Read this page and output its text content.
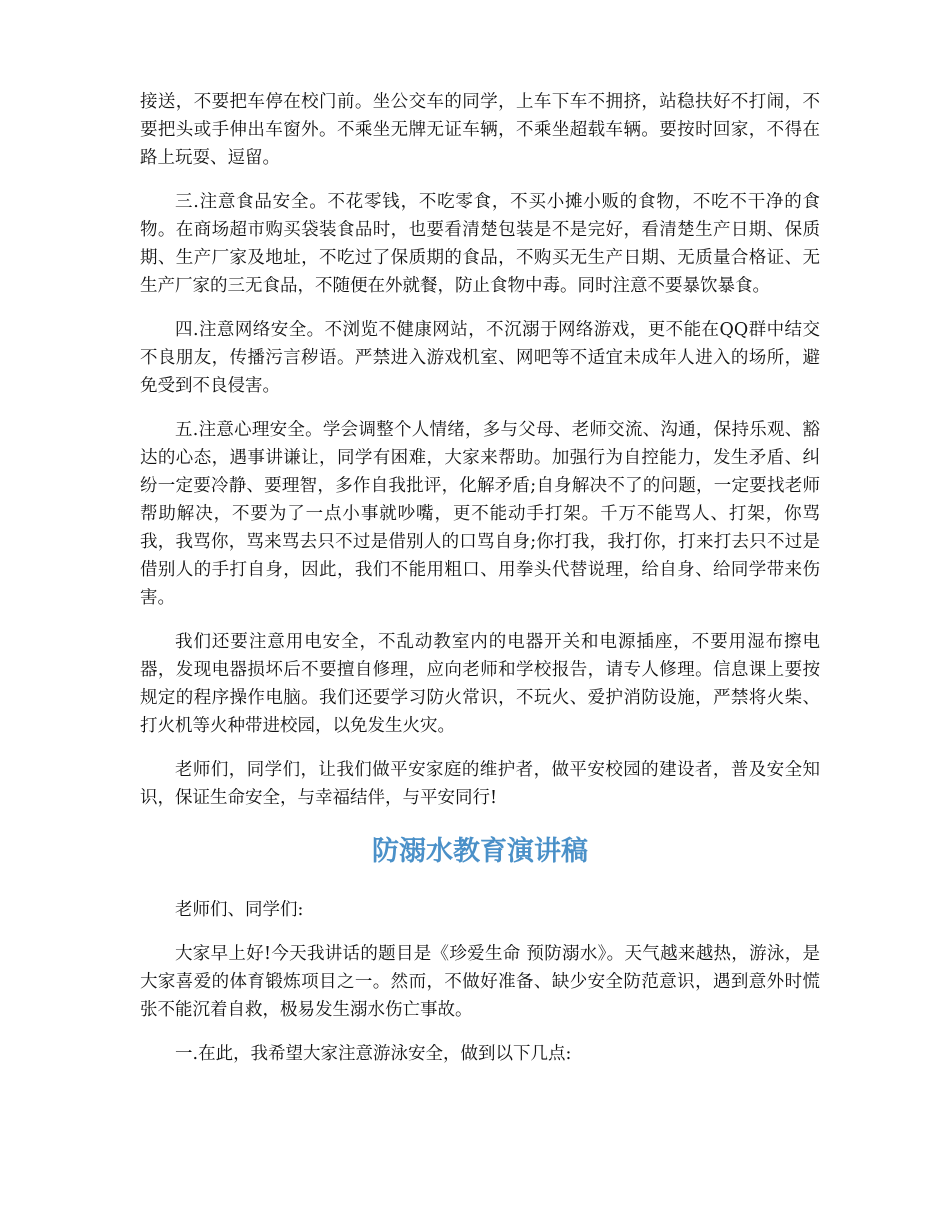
接送，不要把车停在校门前。坐公交车的同学，上车下车不拥挤，站稳扶好不打闹，不要把头或手伸出车窗外。不乘坐无牌无证车辆，不乘坐超载车辆。要按时回家，不得在路上玩耍、逗留。

三.注意食品安全。不花零钱，不吃零食，不买小摊小贩的食物，不吃不干净的食物。在商场超市购买袋装食品时，也要看清楚包装是不是完好，看清楚生产日期、保质期、生产厂家及地址，不吃过了保质期的食品，不购买无生产日期、无质量合格证、无生产厂家的三无食品，不随便在外就餐，防止食物中毒。同时注意不要暴饮暴食。

四.注意网络安全。不浏览不健康网站，不沉溺于网络游戏，更不能在QQ群中结交不良朋友，传播污言秽语。严禁进入游戏机室、网吧等不适宜未成年人进入的场所，避免受到不良侵害。

五.注意心理安全。学会调整个人情绪，多与父母、老师交流、沟通，保持乐观、豁达的心态，遇事讲谦让，同学有困难，大家来帮助。加强行为自控能力，发生矛盾、纠纷一定要冷静、要理智，多作自我批评，化解矛盾;自身解决不了的问题，一定要找老师帮助解决，不要为了一点小事就吵嘴，更不能动手打架。千万不能骂人、打架，你骂我，我骂你，骂来骂去只不过是借别人的口骂自身;你打我，我打你，打来打去只不过是借别人的手打自身，因此，我们不能用粗口、用拳头代替说理，给自身、给同学带来伤害。

我们还要注意用电安全，不乱动教室内的电器开关和电源插座，不要用湿布擦电器，发现电器损坏后不要擅自修理，应向老师和学校报告，请专人修理。信息课上要按规定的程序操作电脑。我们还要学习防火常识，不玩火、爱护消防设施，严禁将火柴、打火机等火种带进校园，以免发生火灾。

老师们，同学们，让我们做平安家庭的维护者，做平安校园的建设者，普及安全知识，保证生命安全，与幸福结伴，与平安同行!

防溺水教育演讲稿

老师们、同学们:

大家早上好!今天我讲话的题目是《珍爱生命 预防溺水》。天气越来越热，游泳，是大家喜爱的体育锻炼项目之一。然而，不做好准备、缺少安全防范意识，遇到意外时慌张不能沉着自救，极易发生溺水伤亡事故。

一.在此，我希望大家注意游泳安全，做到以下几点:
